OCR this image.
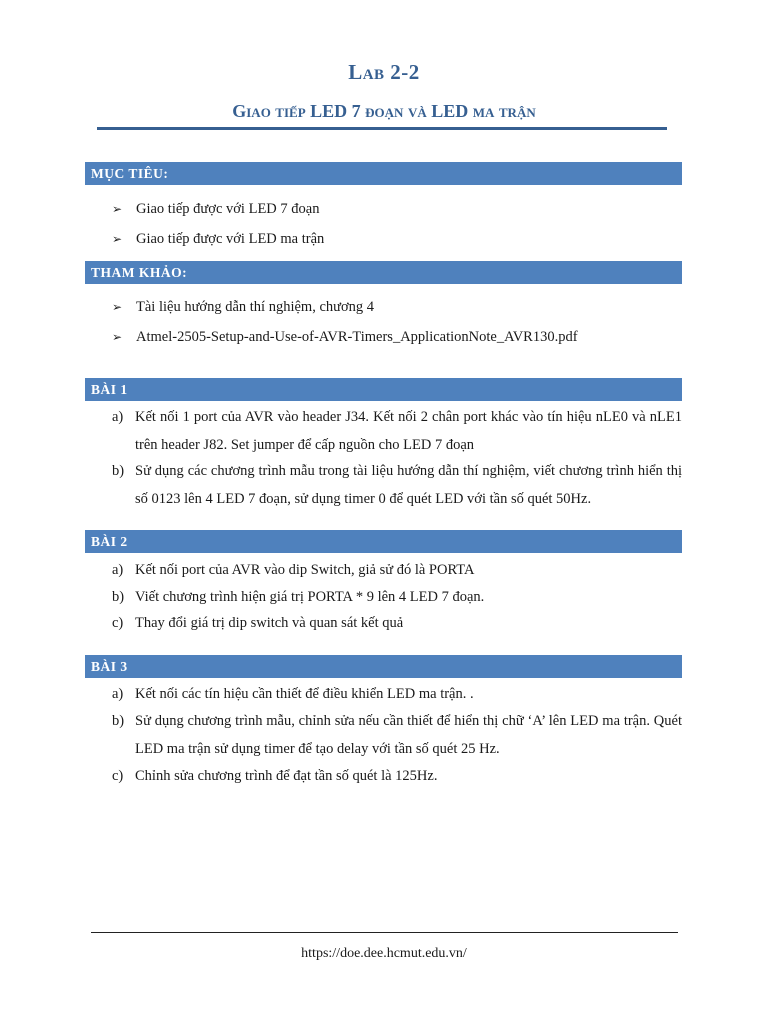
Lab 2-2
Giao tiếp LED 7 đoạn và LED ma trận
MỤC TIÊU:
➢ Giao tiếp được với LED 7 đoạn
➢ Giao tiếp được với LED ma trận
THAM KHẢO:
➢ Tài liệu hướng dẫn thí nghiệm, chương 4
➢ Atmel-2505-Setup-and-Use-of-AVR-Timers_ApplicationNote_AVR130.pdf
BÀI 1
a) Kết nối 1 port của AVR vào header J34. Kết nối 2 chân port khác vào tín hiệu nLE0 và nLE1 trên header J82. Set jumper để cấp nguồn cho LED 7 đoạn
b) Sử dụng các chương trình mẫu trong tài liệu hướng dẫn thí nghiệm, viết chương trình hiển thị số 0123 lên 4 LED 7 đoạn, sử dụng timer 0 để quét LED với tần số quét 50Hz.
BÀI 2
a) Kết nối port của AVR vào dip Switch, giả sử đó là PORTA
b) Viết chương trình hiện giá trị PORTA * 9 lên 4 LED 7 đoạn.
c) Thay đổi giá trị dip switch và quan sát kết quả
BÀI 3
a) Kết nối các tín hiệu cần thiết để điều khiển LED ma trận. .
b) Sử dụng chương trình mẫu, chỉnh sửa nếu cần thiết để hiển thị chữ ‘A’ lên LED ma trận. Quét LED ma trận sử dụng timer để tạo delay với tần số quét 25 Hz.
c) Chỉnh sửa chương trình để đạt tần số quét là 125Hz.
https://doe.dee.hcmut.edu.vn/
